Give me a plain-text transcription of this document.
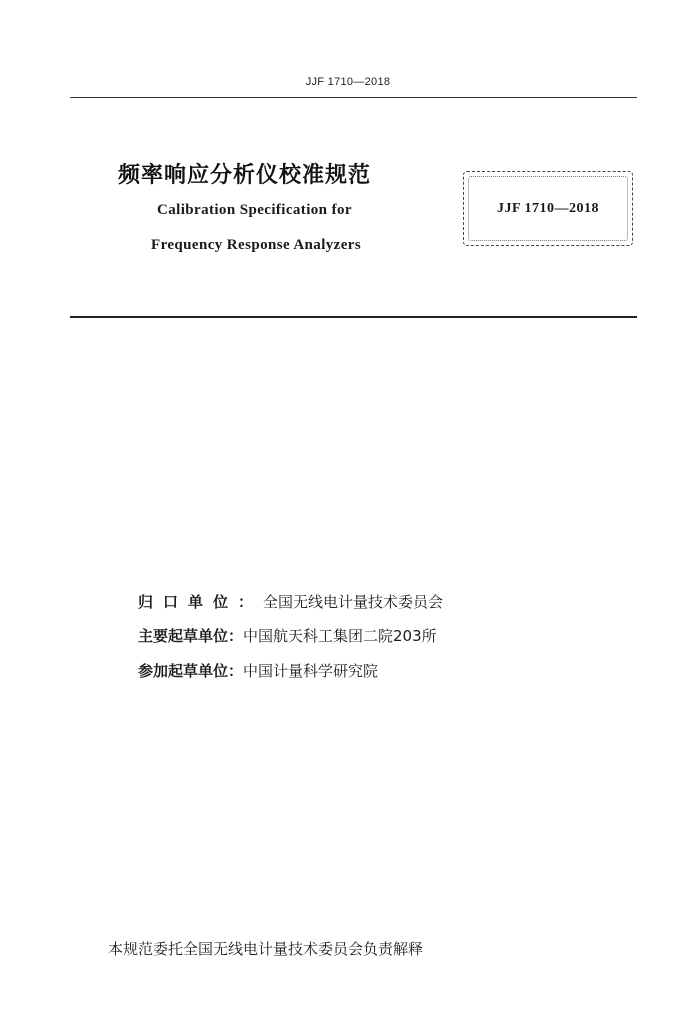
JJF 1710—2018
频率响应分析仪校准规范
Calibration Specification for
Frequency Response Analyzers
JJF 1710—2018
归口单位：全国无线电计量技术委员会
主要起草单位：中国航天科工集团二院203所
参加起草单位：中国计量科学研究院
本规范委托全国无线电计量技术委员会负责解释
